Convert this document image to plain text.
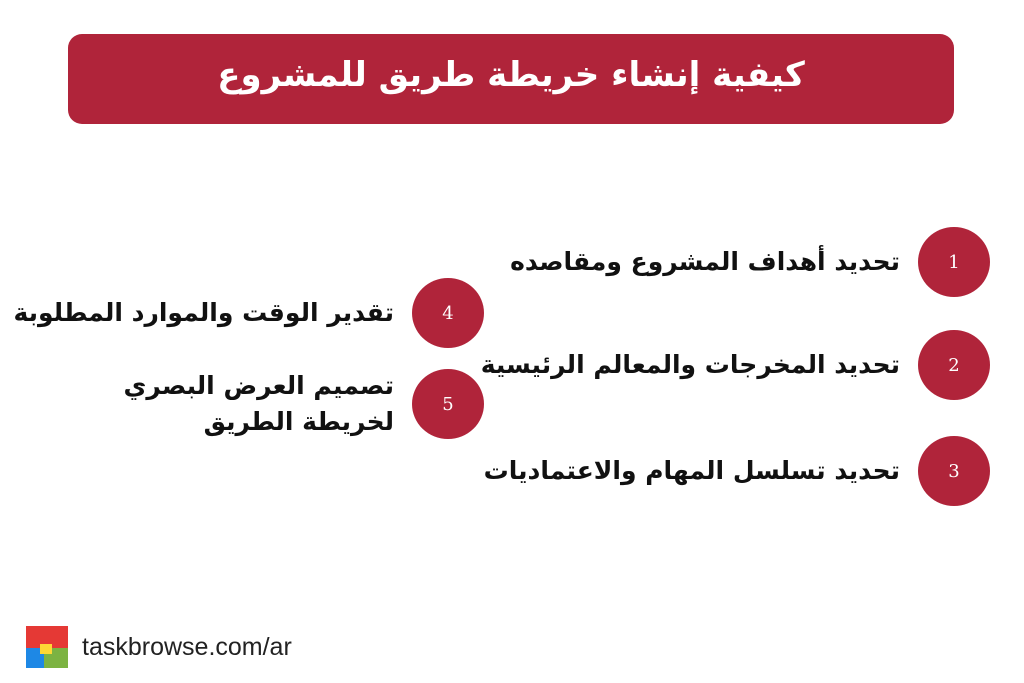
كيفية إنشاء خريطة طريق للمشروع
1
تحديد أهداف المشروع ومقاصده
2
تحديد المخرجات والمعالم الرئيسية
3
تحديد تسلسل المهام والاعتماديات
4
تقدير الوقت والموارد المطلوبة
5
تصميم العرض البصري
لخريطة الطريق
taskbrowse.com/ar
